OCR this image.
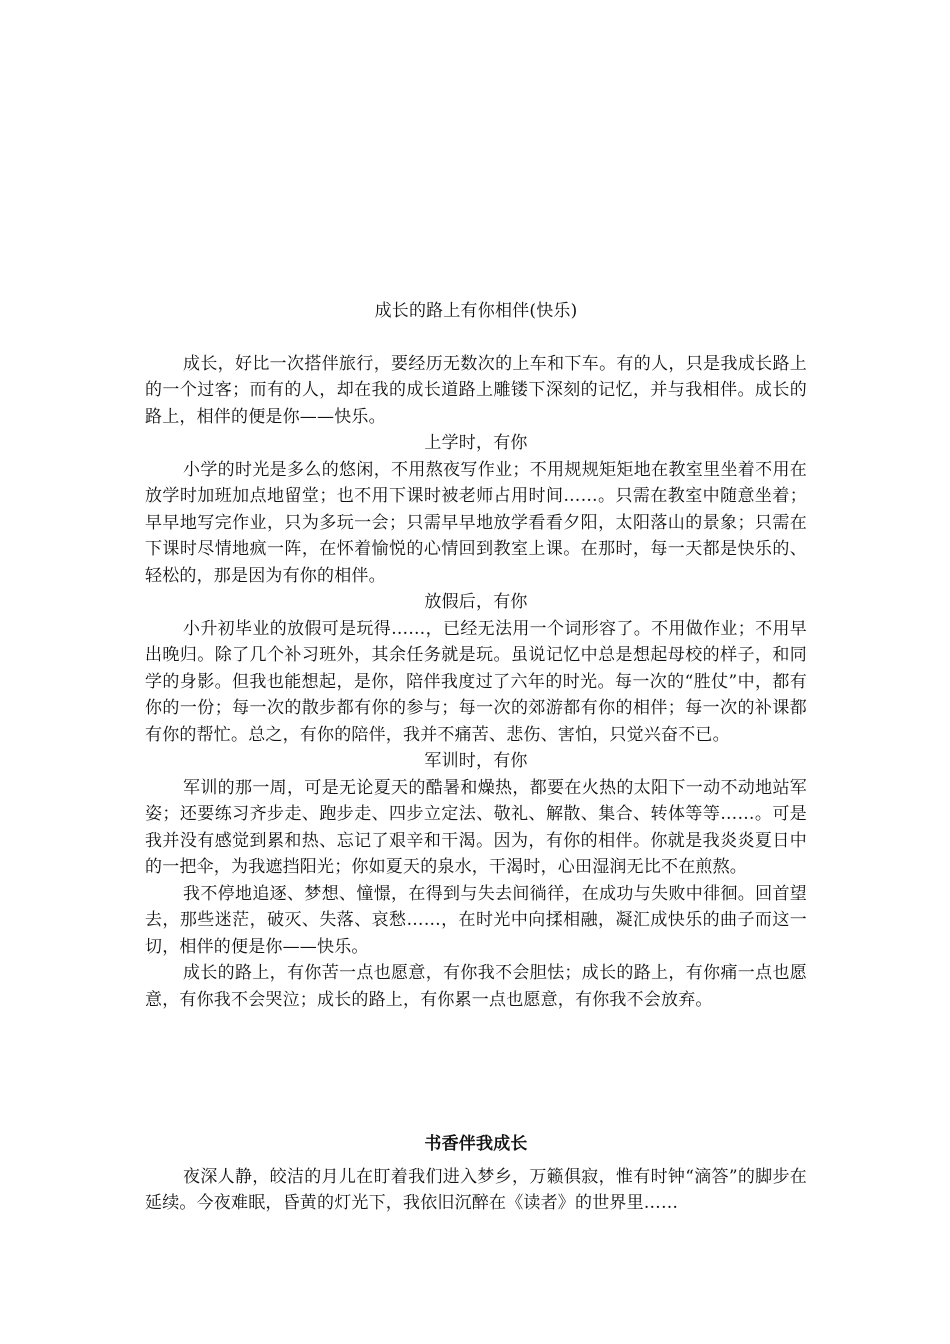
成长的路上有你相伴(快乐)

成长，好比一次搭伴旅行，要经历无数次的上车和下车。有的人，只是我成长路上的一个过客；而有的人，却在我的成长道路上雕镂下深刻的记忆，并与我相伴。成长的路上，相伴的便是你——快乐。

上学时，有你

小学的时光是多么的悠闲，不用熬夜写作业；不用规规矩矩地在教室里坐着不用在放学时加班加点地留堂；也不用下课时被老师占用时间……。只需在教室中随意坐着；早早地写完作业，只为多玩一会；只需早早地放学看看夕阳，太阳落山的景象；只需在下课时尽情地疯一阵，在怀着愉悦的心情回到教室上课。在那时，每一天都是快乐的、轻松的，那是因为有你的相伴。

放假后，有你

小升初毕业的放假可是玩得……，已经无法用一个词形容了。不用做作业；不用早出晚归。除了几个补习班外，其余任务就是玩。虽说记忆中总是想起母校的样子，和同学的身影。但我也能想起，是你，陪伴我度过了六年的时光。每一次的“胜仗”中，都有你的一份；每一次的散步都有你的参与；每一次的郊游都有你的相伴；每一次的补课都有你的帮忙。总之，有你的陪伴，我并不痛苦、悲伤、害怕，只觉兴奋不已。

军训时，有你

军训的那一周，可是无论夏天的酷暑和燥热，都要在火热的太阳下一动不动地站军姿；还要练习齐步走、跑步走、四步立定法、敬礼、解散、集合、转体等等……。可是我并没有感觉到累和热、忘记了艰辛和干渴。因为，有你的相伴。你就是我炎炎夏日中的一把伞，为我遮挡阳光；你如夏天的泉水，干渴时，心田湿润无比不在煎熬。

我不停地追逐、梦想、憧憬，在得到与失去间徜徉，在成功与失败中徘徊。回首望去，那些迷茫，破灭、失落、哀愁……，在时光中向揉相融，凝汇成快乐的曲子而这一切，相伴的便是你——快乐。

成长的路上，有你苦一点也愿意，有你我不会胆怯；成长的路上，有你痛一点也愿意，有你我不会哭泣；成长的路上，有你累一点也愿意，有你我不会放弃。

书香伴我成长

夜深人静，皎洁的月儿在盯着我们进入梦乡，万籁俱寂，惟有时钟“滴答”的脚步在延续。今夜难眠，昏黄的灯光下，我依旧沉醉在《读者》的世界里……
